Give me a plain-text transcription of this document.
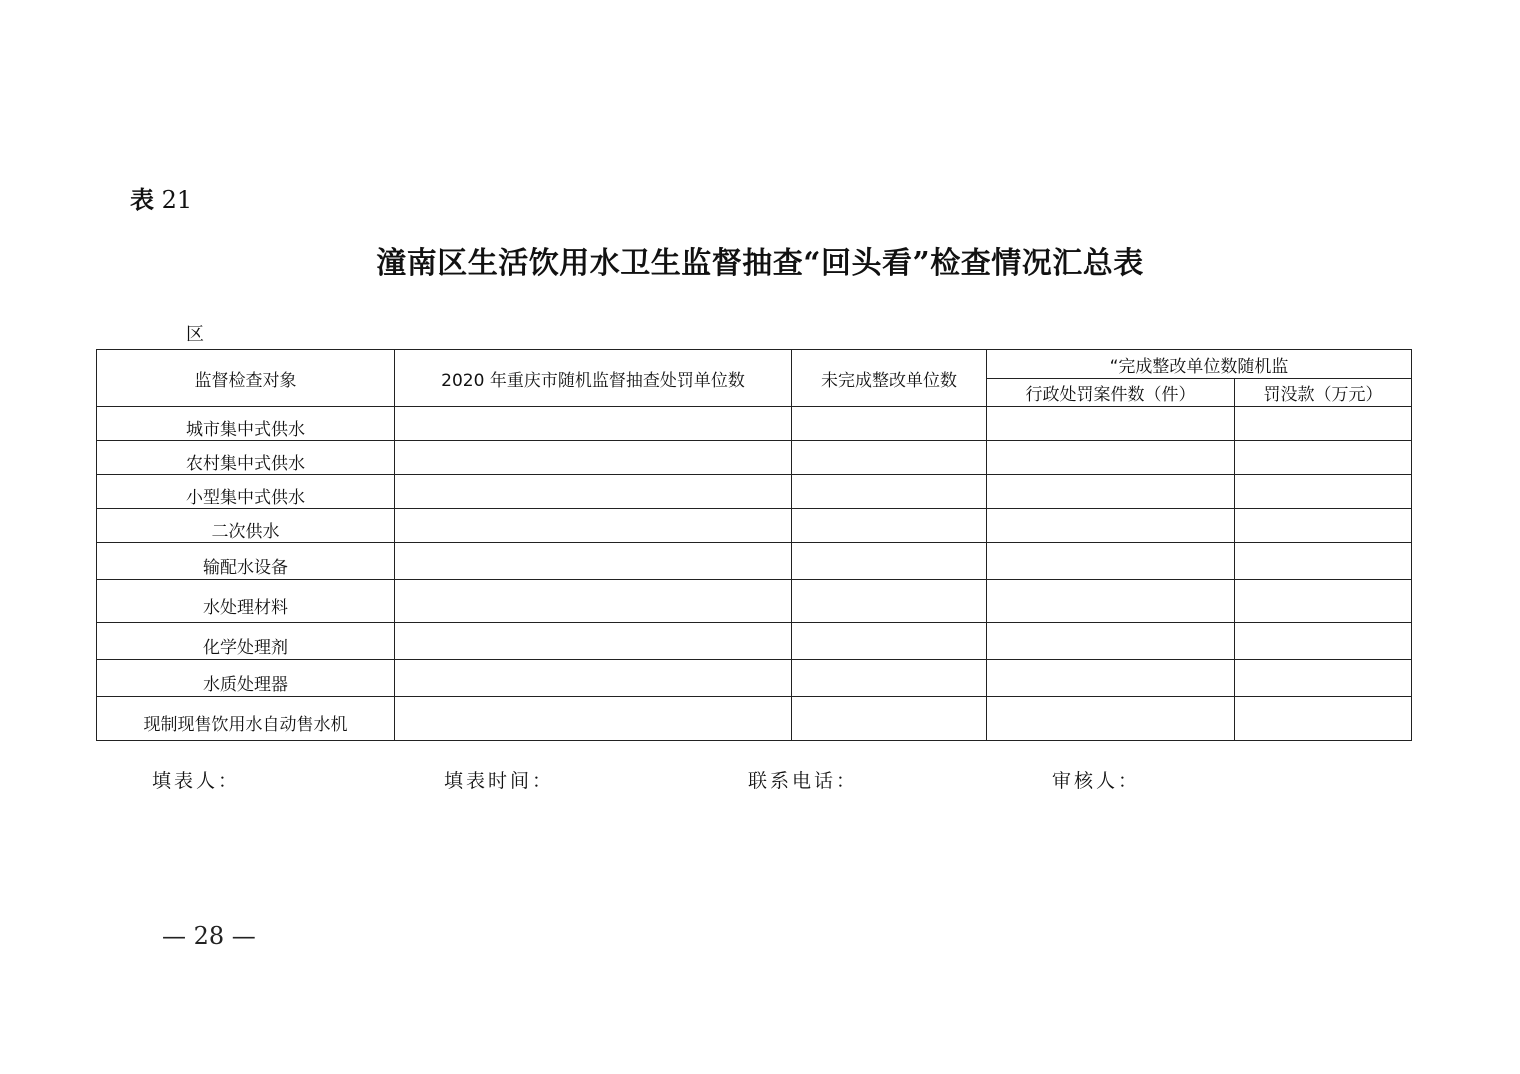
表 21
潼南区生活饮用水卫生监督抽查“回头看”检查情况汇总表
区
监督检查对象	2020 年重庆市随机监督抽查处罚单位数	未完成整改单位数	“完成整改单位数随机监	
			行政处罚案件数（件）	罚没款（万元）
城市集中式供水				
农村集中式供水				
小型集中式供水				
二次供水				
输配水设备				
水处理材料				
化学处理剂				
水质处理器				
现制现售饮用水自动售水机				
填表人：	填表时间：	联系电话：	审核人：
— 28 —
